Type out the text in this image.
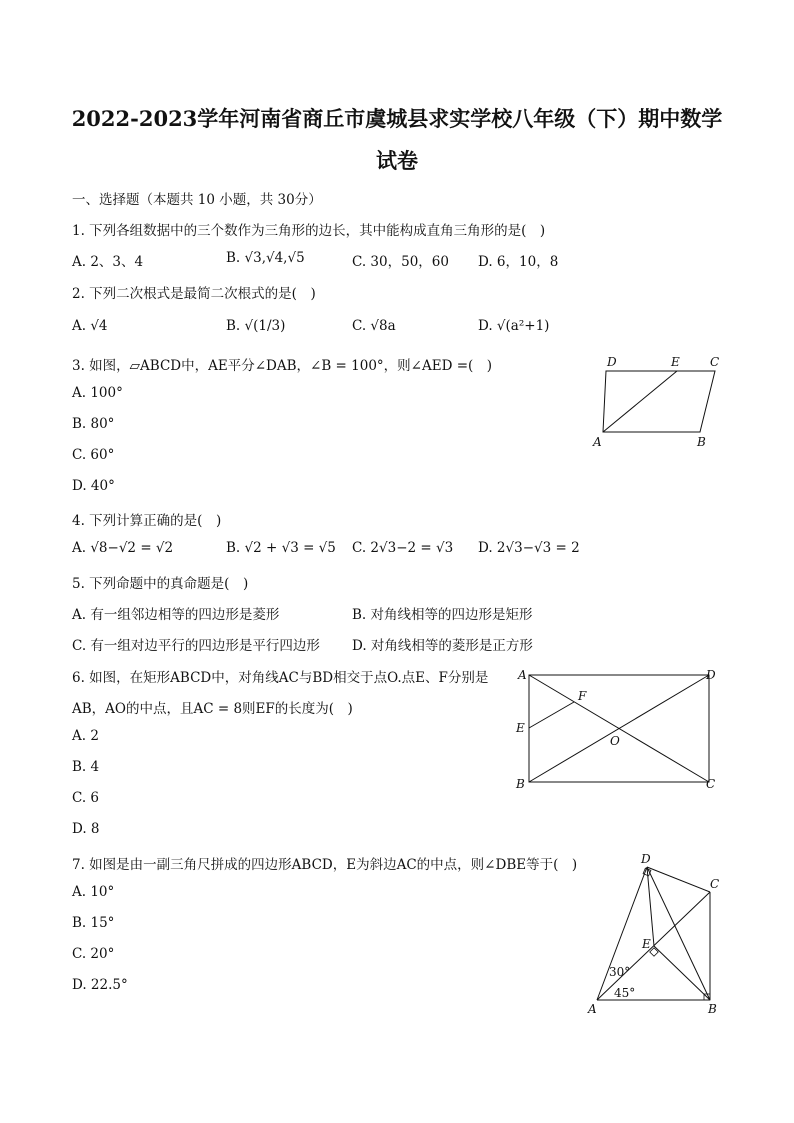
2022-2023学年河南省商丘市虞城县求实学校八年级（下）期中数学
试卷
一、选择题（本题共 10 小题，共 30分）
1. 下列各组数据中的三个数作为三角形的边长，其中能构成直角三角形的是(　)
A. 2、3、4	B. √3,√4,√5	C. 30，50，60 D. 6，10，8
2. 下列二次根式是最简二次根式的是(　)
A. √4	B. √(1/3)	C. √8a	D. √(a²+1)
3. 如图，▱ABCD中，AE平分∠DAB，∠B = 100°，则∠AED =(　)
A. 100°
B. 80°
C. 60°
D. 40°
D	E	C
A	B
4. 下列计算正确的是(　)
A. √8−√2 = √2	B. √2 + √3 = √5 C. 2√3−2 = √3 D. 2√3−√3 = 2
5. 下列命题中的真命题是(　)
A. 有一组邻边相等的四边形是菱形	B. 对角线相等的四边形是矩形
C. 有一组对边平行的四边形是平行四边形 D. 对角线相等的菱形是正方形
6. 如图，在矩形ABCD中，对角线AC与BD相交于点O.点E、F分别是
AB，AO的中点，且AC = 8则EF的长度为(　)
A. 2
B. 4
C. 6
D. 8
A	D
F
E
O
B	C
7. 如图是由一副三角尺拼成的四边形ABCD，E为斜边AC的中点，则∠DBE等于(　)
A. 10°
B. 15°
C. 20°
D. 22.5°
D
C
E
A	B
30°
45°
